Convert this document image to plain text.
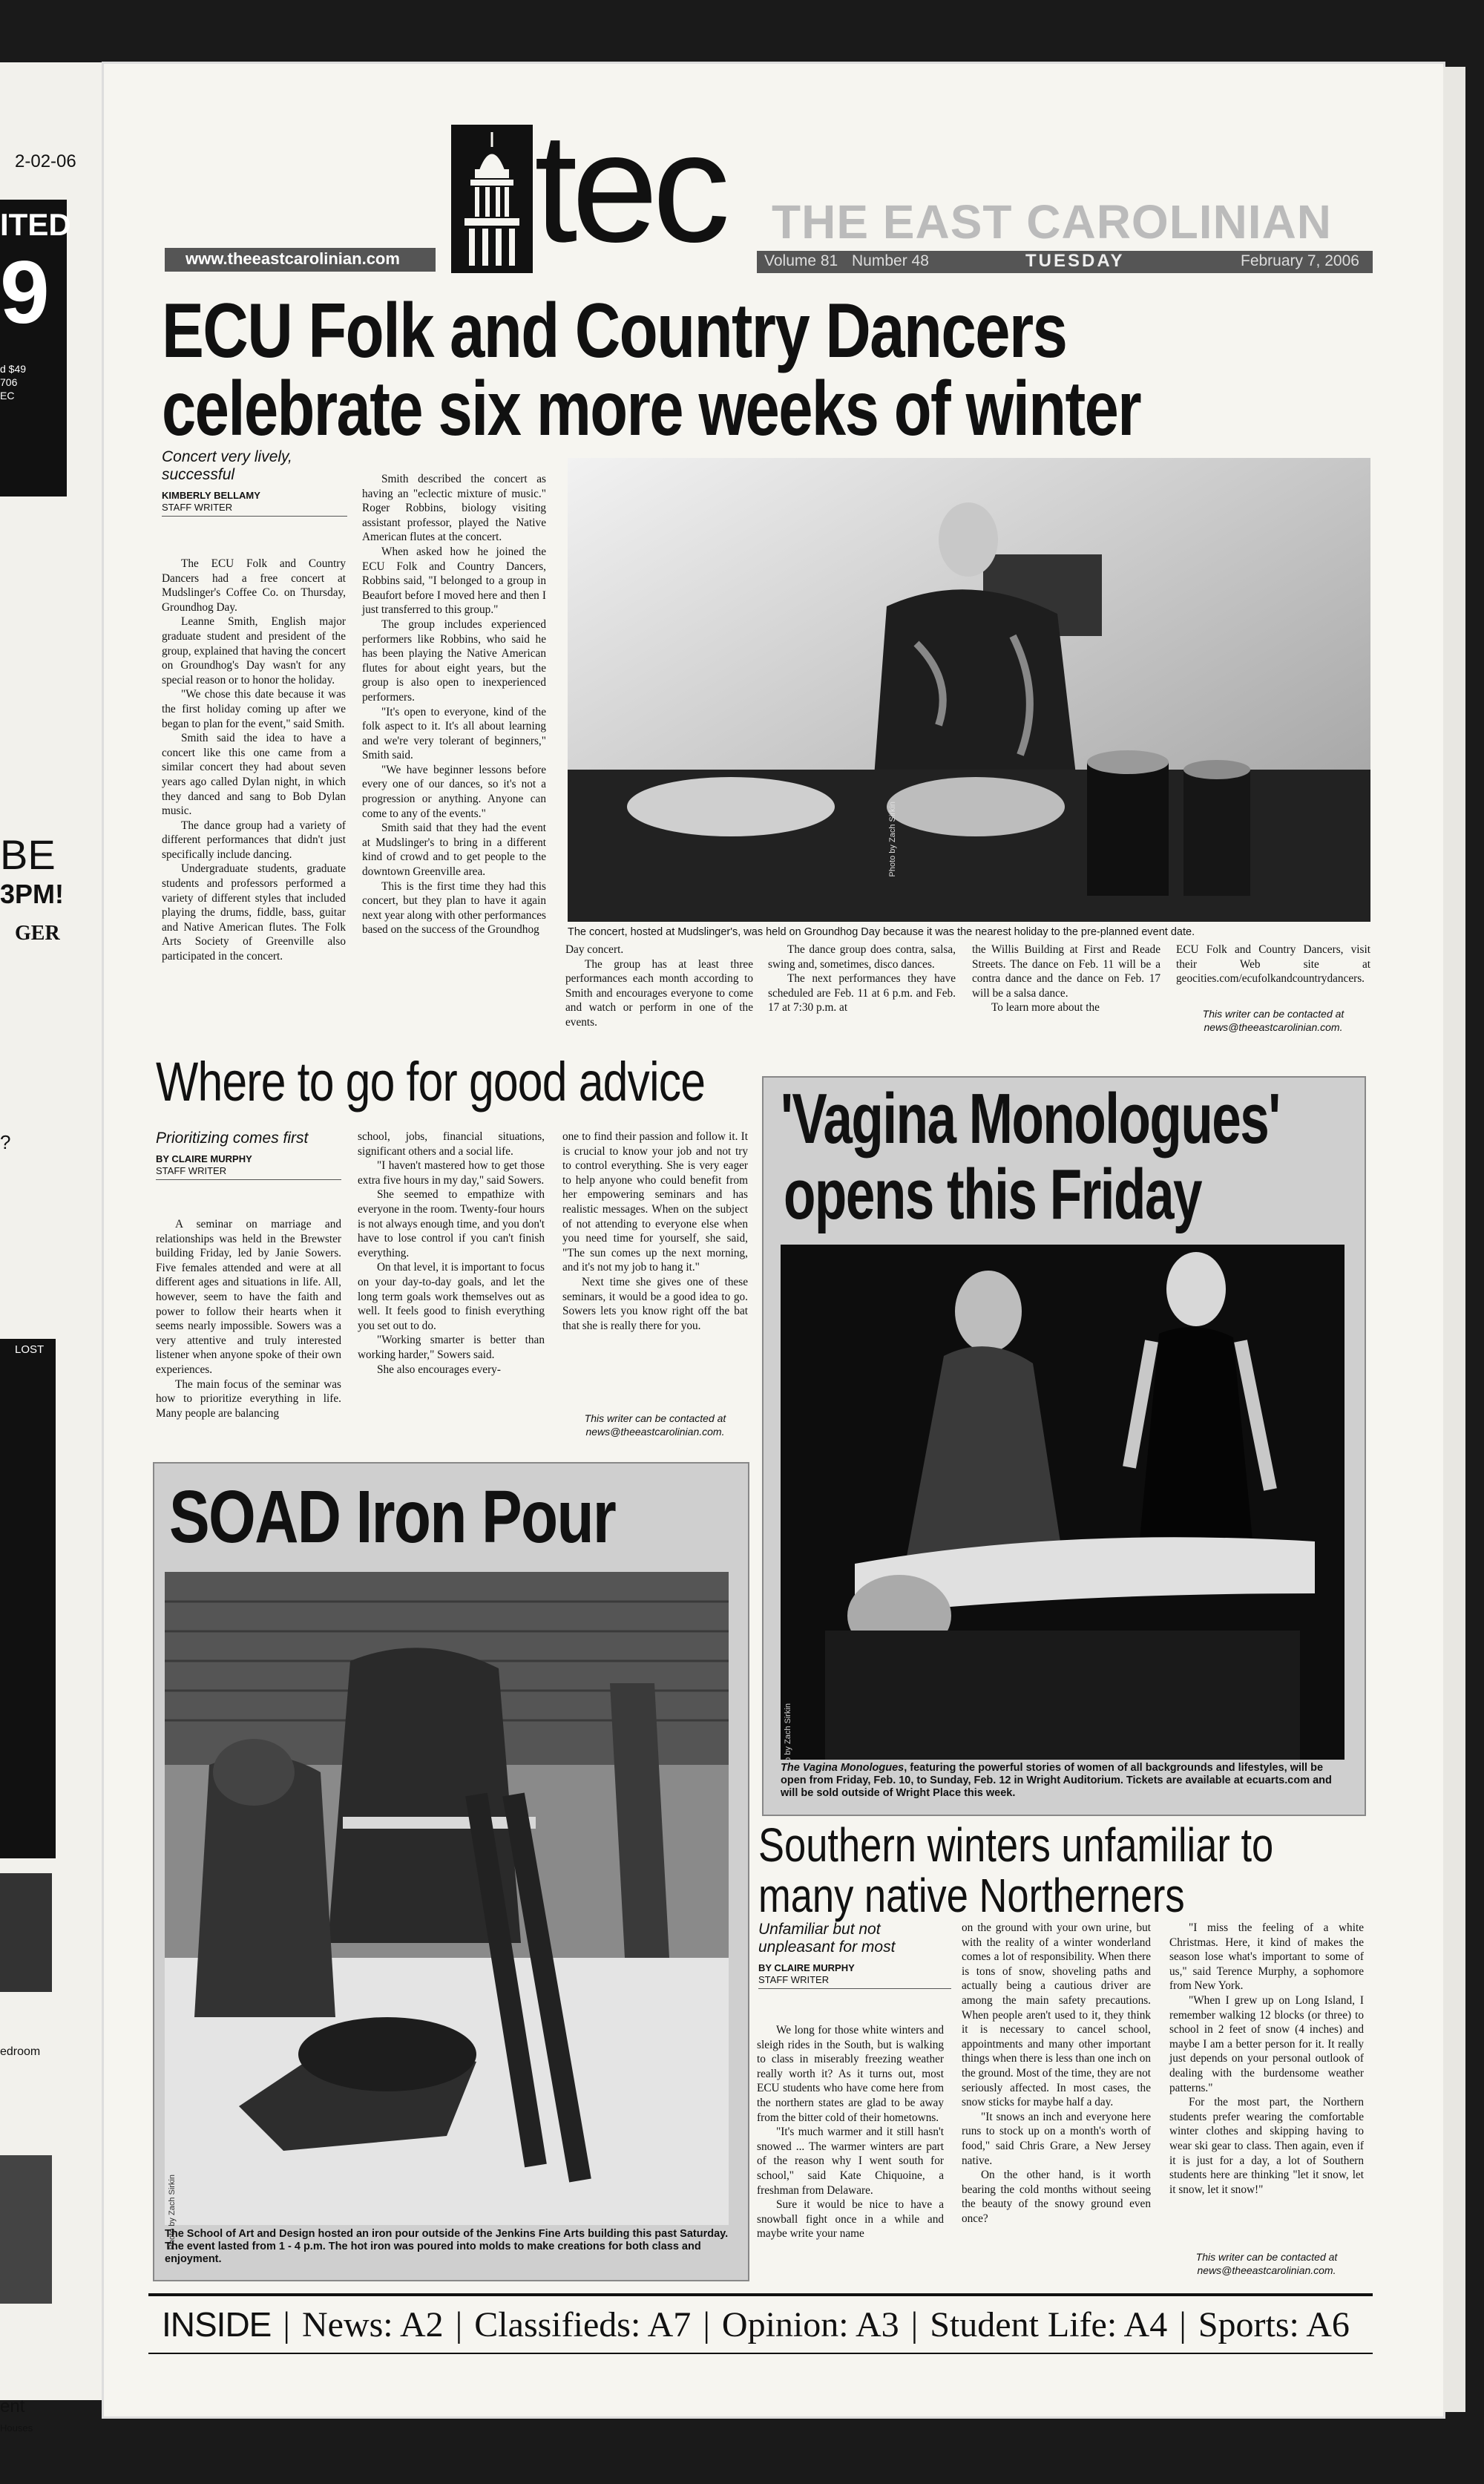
2-02-06
ITED
9
d $49
706
EC
BE
3PM!
GER
?
LOST
edroom
ent
Houses
www.theeastcarolinian.com tec THE EAST CAROLINIAN
Volume 81 Number 48	TUESDAY	February 7, 2006
ECU Folk and Country Dancers
celebrate six more weeks of winter
Concert very lively, successful
KIMBERLY BELLAMY
STAFF WRITER

The ECU Folk and Country Dancers had a free concert at Mudslinger's Coffee Co. on Thursday, Groundhog Day.

Leanne Smith, English major graduate student and president of the group, explained that having the concert on Groundhog's Day wasn't for any special reason or to honor the holiday.

"We chose this date because it was the first holiday coming up after we began to plan for the event," said Smith.

Smith said the idea to have a concert like this one came from a similar concert they had about seven years ago called Dylan night, in which they danced and sang to Bob Dylan music.

The dance group had a variety of different performances that didn't just specifically include dancing.

Undergraduate students, graduate students and professors performed a variety of different styles that included playing the drums, fiddle, bass, guitar and Native American flutes. The Folk Arts Society of Greenville also participated in the concert.

Smith described the concert as having an "eclectic mixture of music." Roger Robbins, biology visiting assistant professor, played the Native American flutes at the concert.

When asked how he joined the ECU Folk and Country Dancers, Robbins said, "I belonged to a group in Beaufort before I moved here and then I just transferred to this group."

The group includes experienced performers like Robbins, who said he has been playing the Native American flutes for about eight years, but the group is also open to inexperienced performers.

"It's open to everyone, kind of the folk aspect to it. It's all about learning and we're very tolerant of beginners," Smith said.

"We have beginner lessons before every one of our dances, so it's not a progression or anything. Anyone can come to any of the events."

Smith said that they had the event at Mudslinger's to bring in a different kind of crowd and to get people to the downtown Greenville area.

This is the first time they had this concert, but they plan to have it again next year along with other performances based on the success of the Groundhog

Photo by Zach Sirkin
The concert, hosted at Mudslinger's, was held on Groundhog Day because it was the nearest holiday to the pre-planned event date.

Day concert.

The group has at least three performances each month according to Smith and encourages everyone to come and watch or perform in one of the events.

The dance group does contra, salsa, swing and, sometimes, disco dances.

The next performances they have scheduled are Feb. 11 at 6 p.m. and Feb. 17 at 7:30 p.m. at

the Willis Building at First and Reade Streets. The dance on Feb. 11 will be a contra dance and the dance on Feb. 17 will be a salsa dance.

To learn more about the

ECU Folk and Country Dancers, visit their Web site at geocities.com/ecufolkandcountrydancers.

This writer can be contacted at
news@theeastcarolinian.com.
Where to go for good advice
Prioritizing comes first
BY CLAIRE MURPHY
STAFF WRITER

A seminar on marriage and relationships was held in the Brewster building Friday, led by Janie Sowers. Five females attended and were at all different ages and situations in life. All, however, seem to have the faith and power to follow their hearts when it seems nearly impossible. Sowers was a very attentive and truly interested listener when anyone spoke of their own experiences.

The main focus of the seminar was how to prioritize everything in life. Many people are balancing

school, jobs, financial situations, significant others and a social life.

"I haven't mastered how to get those extra five hours in my day," said Sowers.

She seemed to empathize with everyone in the room. Twenty-four hours is not always enough time, and you don't have to lose control if you can't finish everything.

On that level, it is important to focus on your day-to-day goals, and let the long term goals work themselves out as well. It feels good to finish everything you set out to do.

"Working smarter is better than working harder," Sowers said.

She also encourages every-

one to find their passion and follow it. It is crucial to know your job and not try to control everything. She is very eager to help anyone who could benefit from her empowering seminars and has realistic messages. When on the subject of not attending to everyone else when you need time for yourself, she said, "The sun comes up the next morning, and it's not my job to hang it."

Next time she gives one of these seminars, it would be a good idea to go. Sowers lets you know right off the bat that she is really there for you.

This writer can be contacted at
news@theeastcarolinian.com.
'Vagina Monologues'
opens this Friday
Photo by Zach Sirkin
The Vagina Monologues, featuring the powerful stories of women of all backgrounds and lifestyles, will be open from Friday, Feb. 10, to Sunday, Feb. 12 in Wright Auditorium. Tickets are available at ecuarts.com and will be sold outside of Wright Place this week.
SOAD Iron Pour
Photo by Zach Sirkin
The School of Art and Design hosted an iron pour outside of the Jenkins Fine Arts building this past Saturday. The event lasted from 1 - 4 p.m. The hot iron was poured into molds to make creations for both class and enjoyment.
Southern winters unfamiliar to
many native Northerners
Unfamiliar but not unpleasant for most
BY CLAIRE MURPHY
STAFF WRITER

We long for those white winters and sleigh rides in the South, but is walking to class in miserably freezing weather really worth it? As it turns out, most ECU students who have come here from the northern states are glad to be away from the bitter cold of their hometowns.

"It's much warmer and it still hasn't snowed ... The warmer winters are part of the reason why I went south for school," said Kate Chiquoine, a freshman from Delaware.

Sure it would be nice to have a snowball fight once in a while and maybe write your name

on the ground with your own urine, but with the reality of a winter wonderland comes a lot of responsibility. When there is tons of snow, shoveling paths and actually being a cautious driver are among the main safety precautions. When people aren't used to it, they think it is necessary to cancel school, appointments and many other important things when there is less than one inch on the ground. Most of the time, they are not seriously affected. In most cases, the snow sticks for maybe half a day.

"It snows an inch and everyone here runs to stock up on a month's worth of food," said Chris Grare, a New Jersey native.

On the other hand, is it worth bearing the cold months without seeing the beauty of the snowy ground even once?

"I miss the feeling of a white Christmas. Here, it kind of makes the season lose what's important to some of us," said Terence Murphy, a sophomore from New York.

"When I grew up on Long Island, I remember walking 12 blocks (or three) to school in 2 feet of snow (4 inches) and maybe I am a better person for it. It really just depends on your personal outlook of dealing with the burdensome weather patterns."

For the most part, the Northern students prefer wearing the comfortable winter clothes and skipping having to wear ski gear to class. Then again, even if it is just for a day, a lot of Southern students here are thinking "let it snow, let it snow, let it snow!"

This writer can be contacted at
news@theeastcarolinian.com.
INSIDE | News: A2 | Classifieds: A7 | Opinion: A3 | Student Life: A4 | Sports: A6
